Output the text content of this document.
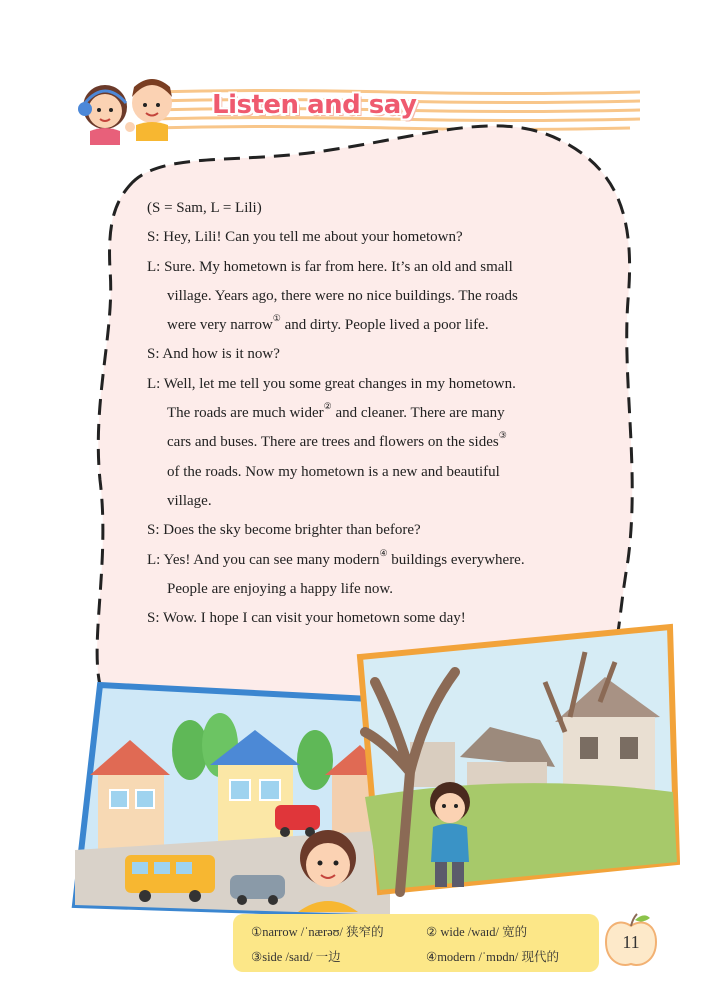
Listen and say
(S = Sam, L = Lili)
S: Hey, Lili! Can you tell me about your hometown?
L: Sure. My hometown is far from here. It’s an old and small
village. Years ago, there were no nice buildings. The roads
were very narrow① and dirty. People lived a poor life.
S: And how is it now?
L: Well, let me tell you some great changes in my hometown.
The roads are much wider② and cleaner. There are many
cars and buses. There are trees and flowers on the sides③
of the roads. Now my hometown is a new and beautiful
village.
S: Does the sky become brighter than before?
L: Yes! And you can see many modern④ buildings everywhere.
People are enjoying a happy life now.
S: Wow. I hope I can visit your hometown some day!
①narrow /ˈnærəʊ/ 狭窄的	② wide /waɪd/ 宽的
③side /saɪd/ 一边	④modern /ˈmɒdn/ 现代的
11
